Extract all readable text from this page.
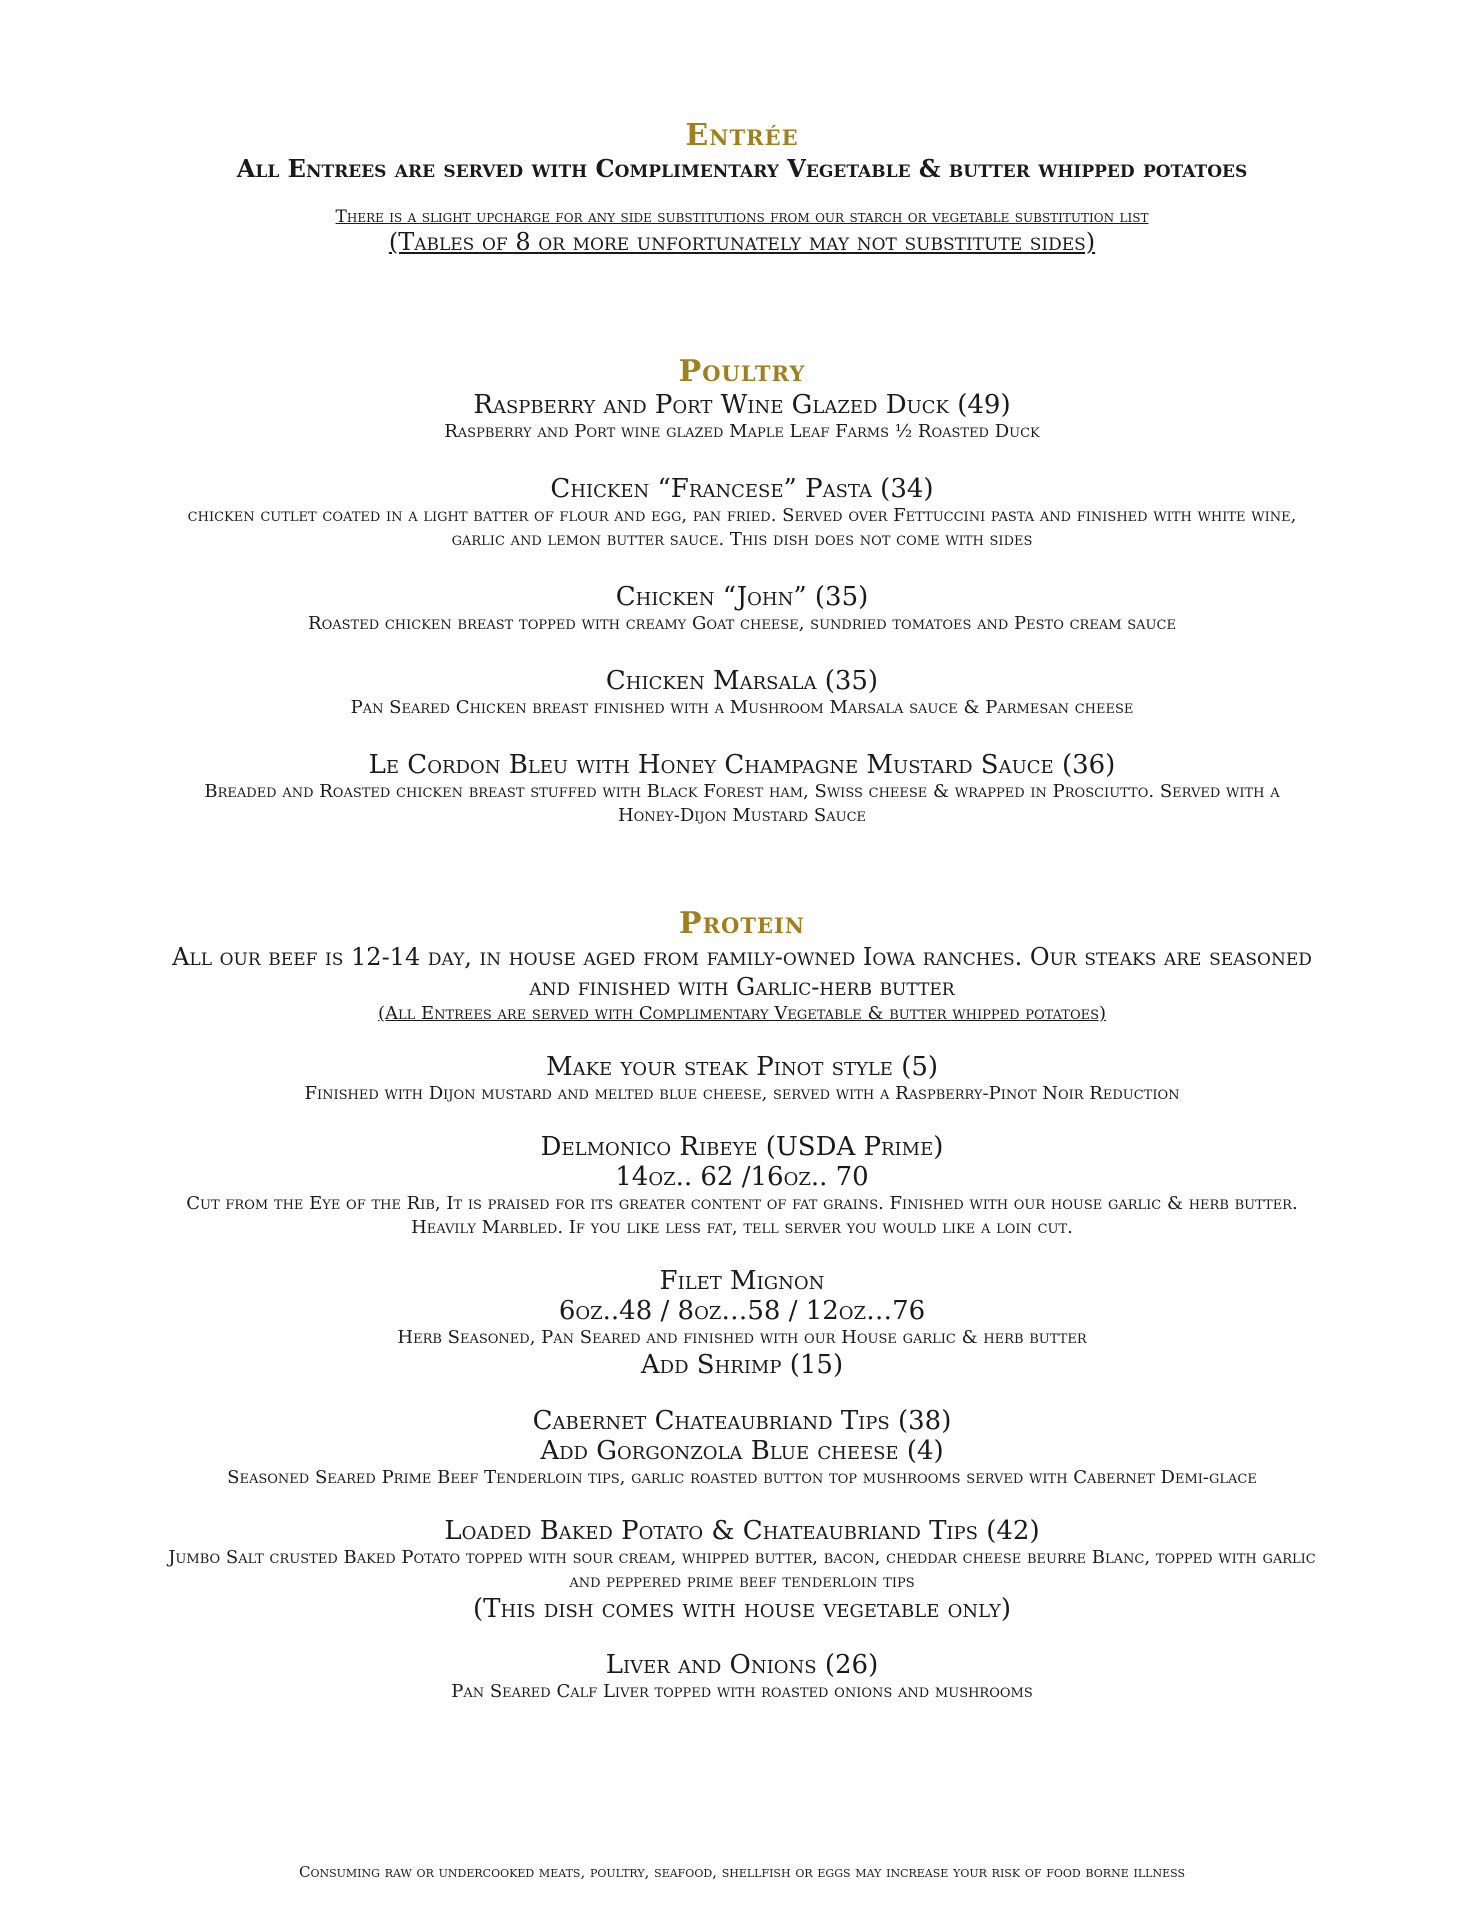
Entrée
All Entrees are served with Complimentary Vegetable & butter whipped potatoes
There is a slight upcharge for any side substitutions from our starch or vegetable substitution list
(Tables of 8 or more unfortunately may not substitute sides)
Poultry
Raspberry and Port Wine Glazed Duck (49)
Raspberry and Port wine glazed Maple Leaf Farms ½ Roasted Duck
Chicken “Francese” Pasta (34)
chicken cutlet coated in a light batter of flour and egg, pan fried. Served over Fettuccini pasta and finished with white wine, garlic and lemon butter sauce. This dish does not come with sides
Chicken “John” (35)
Roasted chicken breast topped with creamy Goat cheese, sundried tomatoes and Pesto cream sauce
Chicken Marsala (35)
Pan Seared Chicken breast finished with a Mushroom Marsala sauce & Parmesan cheese
Le Cordon Bleu with Honey Champagne Mustard Sauce (36)
Breaded and Roasted chicken breast stuffed with Black Forest ham, Swiss cheese & wrapped in Prosciutto. Served with a Honey-Dijon Mustard Sauce
Protein
All our beef is 12-14 day, in house aged from family-owned Iowa ranches. Our steaks are seasoned and finished with Garlic-herb butter
(All Entrees are served with Complimentary Vegetable & butter whipped potatoes)
Make your steak Pinot style (5)
Finished with Dijon mustard and melted blue cheese, served with a Raspberry-Pinot Noir Reduction
Delmonico Ribeye (USDA Prime)
14oz.. 62 /16oz.. 70
Cut from the Eye of the Rib, It is praised for its greater content of fat grains. Finished with our house garlic & herb butter.
Heavily Marbled. If you like less fat, tell server you would like a loin cut.
Filet Mignon
6oz..48 / 8oz…58 / 12oz…76
Herb Seasoned, Pan Seared and finished with our House garlic & herb butter
Add Shrimp (15)
Cabernet Chateaubriand Tips (38)
Add Gorgonzola Blue cheese (4)
Seasoned Seared Prime Beef Tenderloin tips, garlic roasted button top mushrooms served with Cabernet Demi-glace
Loaded Baked Potato & Chateaubriand Tips (42)
Jumbo Salt crusted Baked Potato topped with sour cream, whipped butter, bacon, cheddar cheese beurre Blanc, topped with garlic and peppered prime beef tenderloin tips
(This dish comes with house vegetable only)
Liver and Onions (26)
Pan Seared Calf Liver topped with roasted onions and mushrooms
Consuming raw or undercooked meats, poultry, seafood, shellfish or eggs may increase your risk of food borne illness
